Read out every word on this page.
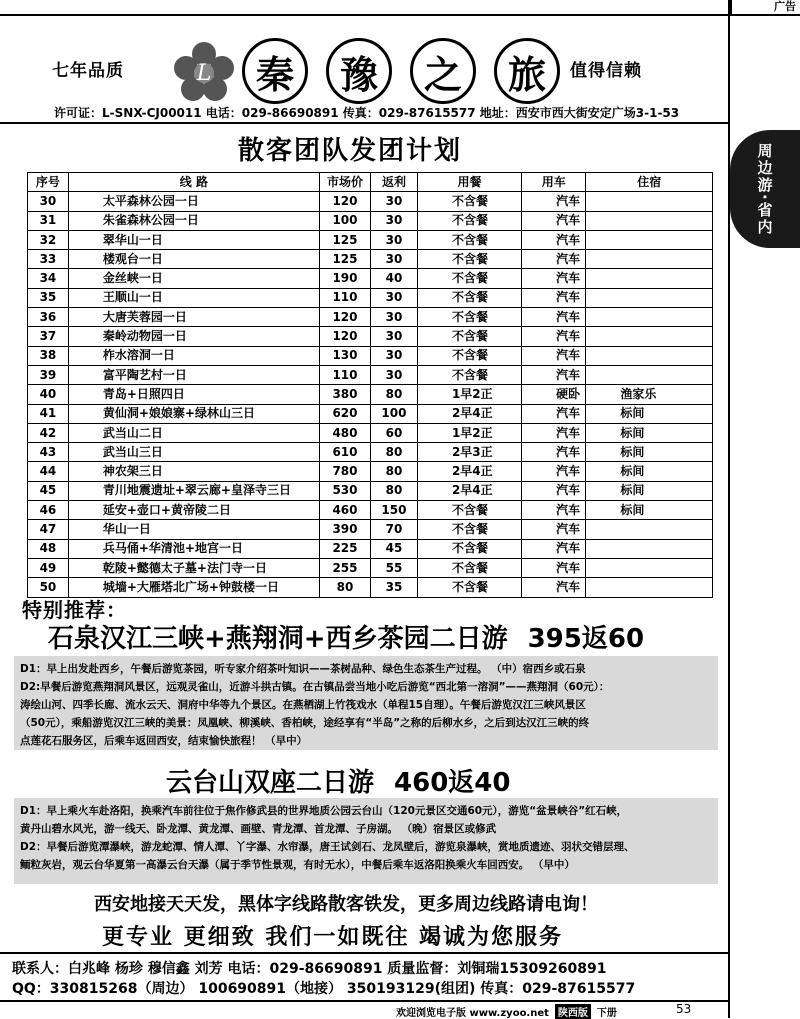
广告
周边游·省内
七年品质	L	秦	豫	之	旅	值得信赖
许可证：L-SNX-CJ00011 电话：029-86690891 传真：029-87615577 地址：西安市西大街安定广场3-1-53
散客团队发团计划
序号	线 路	市场价	返利	用餐	用车	住宿
30	太平森林公园一日	120	30	不含餐	汽车	
31	朱雀森林公园一日	100	30	不含餐	汽车	
32	翠华山一日	125	30	不含餐	汽车	
33	楼观台一日	125	30	不含餐	汽车	
34	金丝峡一日	190	40	不含餐	汽车	
35	王顺山一日	110	30	不含餐	汽车	
36	大唐芙蓉园一日	120	30	不含餐	汽车	
37	秦岭动物园一日	120	30	不含餐	汽车	
38	柞水溶洞一日	130	30	不含餐	汽车	
39	富平陶艺村一日	110	30	不含餐	汽车	
40	青岛+日照四日	380	80	1早2正	硬卧	渔家乐
41	黄仙洞+娘娘寨+绿林山三日	620	100	2早4正	汽车	标间
42	武当山二日	480	60	1早2正	汽车	标间
43	武当山三日	610	80	2早3正	汽车	标间
44	神农架三日	780	80	2早4正	汽车	标间
45	青川地震遗址+翠云廊+皇泽寺三日	530	80	2早4正	汽车	标间
46	延安+壶口+黄帝陵二日	460	150	不含餐	汽车	标间
47	华山一日	390	70	不含餐	汽车	
48	兵马俑+华清池+地宫一日	225	45	不含餐	汽车	
49	乾陵+懿德太子墓+法门寺一日	255	55	不含餐	汽车	
50	城墙+大雁塔北广场+钟鼓楼一日	80	35	不含餐	汽车	
特别推荐：
石泉汉江三峡+燕翔洞+西乡茶园二日游 395返60
D1：早上出发赴西乡，午餐后游览茶园，听专家介绍茶叶知识——茶树品种、绿色生态茶生产过程。 （中）宿西乡或石泉
D2:早餐后游览燕翔洞风景区，远观灵雀山，近游斗拱古镇。在古镇品尝当地小吃后游览“西北第一溶洞”——燕翔洞（60元）：
涛绘山河、四季长廊、流水云天、洞府中华等九个景区。在燕栖湖上竹筏戏水（单程15自理）。午餐后游览汉江三峡风景区
（50元），乘船游览汉江三峡的美景：凤凰峡、柳溪峡、香柏峡，途经享有“半岛”之称的后柳水乡，之后到达汉江三峡的终
点莲花石服务区，后乘车返回西安，结束愉快旅程！ （早中）
云台山双座二日游 460返40
D1：早上乘火车赴洛阳，换乘汽车前往位于焦作修武县的世界地质公园云台山（120元景区交通60元），游览“盆景峡谷”红石峡，
黄丹山碧水风光，游一线天、卧龙潭、黄龙潭、画壁、青龙潭、首龙潭、子房湖。 （晚）宿景区或修武
D2：早餐后游览潭瀑峡，游龙蛇潭、情人潭、丫字瀑、水帘瀑，唐王试剑石、龙凤壁后，游览泉瀑峡，赏地质遗迹、羽状交错层理、
鲕粒灰岩，观云台华夏第一高瀑云台天瀑（属于季节性景观，有时无水），中餐后乘车返洛阳换乘火车回西安。 （早中）
西安地接天天发，黑体字线路散客铁发，更多周边线路请电询！
更专业 更细致 我们一如既往 竭诚为您服务
联系人：白兆峰 杨珍 穆信鑫 刘芳 电话：029-86690891 质量监督：刘铜瑞15309260891
QQ：330815268（周边） 100690891（地接） 350193129(组团) 传真：029-87615577
欢迎浏览电子版 www.zyoo.net 陕西版 下册	53
